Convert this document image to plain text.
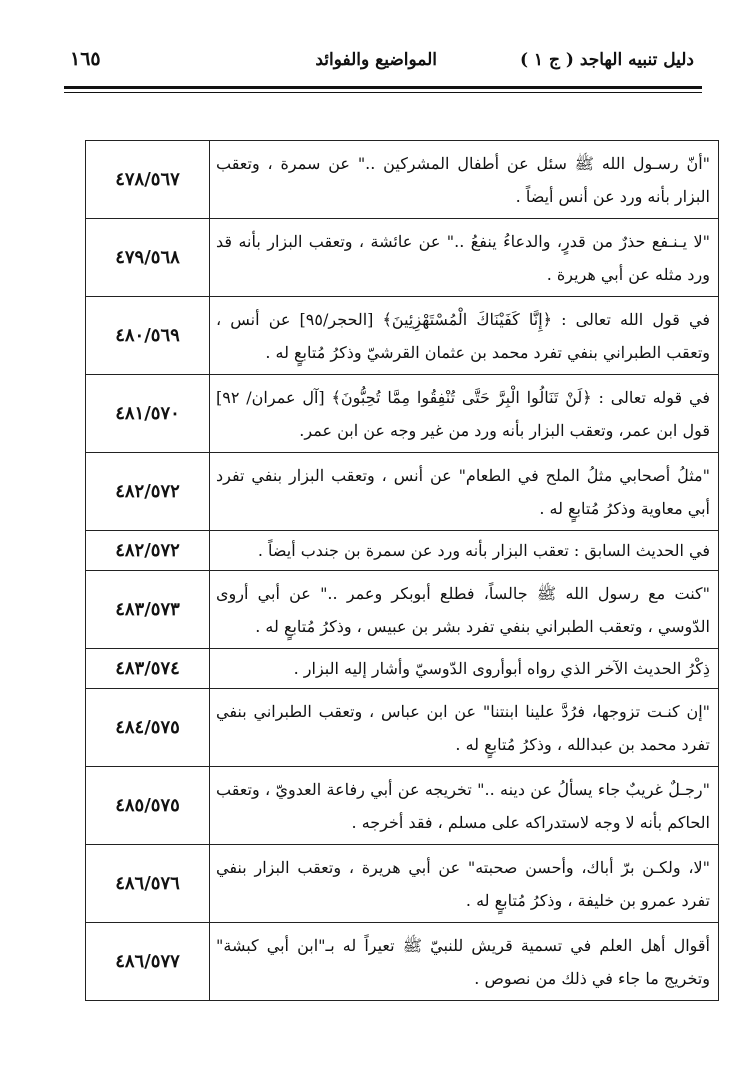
دليل تنبيه الهاجد ( ج ١ )
المواضيع والفوائد
١٦٥
"أنّ رسـول الله ﷺ سئل عن أطفال المشركين .." عن سمرة ، وتعقب البزار بأنه ورد عن أنس أيضاً .	٤٧٨/٥٦٧
"لا يـنـفع حذرٌ من قدرٍ، والدعاءُ ينفعُ .." عن عائشة ، وتعقب البزار بأنه قد ورد مثله عن أبي هريرة .	٤٧٩/٥٦٨
في قول الله تعالى : ﴿إِنَّا كَفَيْنَاكَ الْمُسْتَهْزِئِينَ﴾ [الحجر/٩٥] عن أنس ، وتعقب الطبراني بنفي تفرد محمد بن عثمان القرشيّ وذكرُ مُتابعٍ له .	٤٨٠/٥٦٩
في قوله تعالى : ﴿لَنْ تَنَالُوا الْبِرَّ حَتَّى تُنْفِقُوا مِمَّا تُحِبُّونَ﴾ [آل عمران/ ٩٢] قول ابن عمر، وتعقب البزار بأنه ورد من غير وجه عن ابن عمر.	٤٨١/٥٧٠
"مثلُ أصحابي مثلُ الملح في الطعام" عن أنس ، وتعقب البزار بنفي تفرد أبي معاوية وذكرُ مُتابعٍ له .	٤٨٢/٥٧٢
في الحديث السابق : تعقب البزار بأنه ورد عن سمرة بن جندب أيضاً .	٤٨٢/٥٧٢
"كنت مع رسول الله ﷺ جالساً، فطلع أبوبكر وعمر .." عن أبي أروى الدّوسي ، وتعقب الطبراني بنفي تفرد بشر بن عبيس ، وذكرُ مُتابعٍ له .	٤٨٣/٥٧٣
ذِكْرُ الحديث الآخر الذي رواه أبوأروى الدّوسيّ وأشار إليه البزار .	٤٨٣/٥٧٤
"إن كنـت تزوجها، فرُدَّ علينا ابنتنا" عن ابن عباس ، وتعقب الطبراني بنفي تفرد محمد بن عبدالله ، وذكرُ مُتابعٍ له .	٤٨٤/٥٧٥
"رجـلٌ غريبٌ جاء يسألُ عن دينه .." تخريجه عن أبي رفاعة العدويّ ، وتعقب الحاكم بأنه لا وجه لاستدراكه على مسلم ، فقد أخرجه .	٤٨٥/٥٧٥
"لا، ولكـن برّ أباك، وأحسن صحبته" عن أبي هريرة ، وتعقب البزار بنفي تفرد عمرو بن خليفة ، وذكرُ مُتابعٍ له .	٤٨٦/٥٧٦
أقوال أهل العلم في تسمية قريش للنبيّ ﷺ تعيراً له بـ"ابن أبي كبشة" وتخريج ما جاء في ذلك من نصوص .	٤٨٦/٥٧٧
